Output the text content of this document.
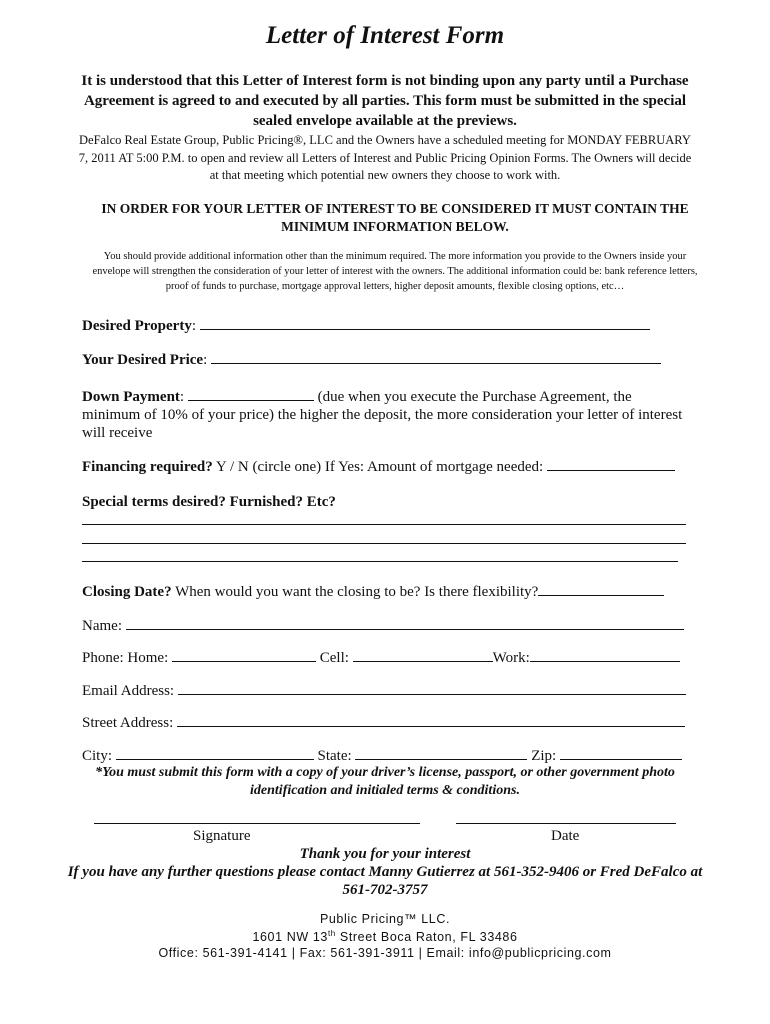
Letter of Interest Form
It is understood that this Letter of Interest form is not binding upon any party until a Purchase Agreement is agreed to and executed by all parties. This form must be submitted in the special sealed envelope available at the previews.
DeFalco Real Estate Group, Public Pricing®, LLC and the Owners have a scheduled meeting for MONDAY FEBRUARY 7, 2011 AT 5:00 P.M. to open and review all Letters of Interest and Public Pricing Opinion Forms. The Owners will decide at that meeting which potential new owners they choose to work with.
IN ORDER FOR YOUR LETTER OF INTEREST TO BE CONSIDERED IT MUST CONTAIN THE MINIMUM INFORMATION BELOW.
You should provide additional information other than the minimum required. The more information you provide to the Owners inside your envelope will strengthen the consideration of your letter of interest with the owners. The additional information could be: bank reference letters, proof of funds to purchase, mortgage approval letters, higher deposit amounts, flexible closing options, etc…
Desired Property:
Your Desired Price:
Down Payment:	(due when you execute the Purchase Agreement, the minimum of 10% of your price) the higher the deposit, the more consideration your letter of interest will receive
Financing required? Y / N (circle one) If Yes: Amount of mortgage needed:
Special terms desired? Furnished? Etc?
Closing Date? When would you want the closing to be? Is there flexibility?
Name:
Phone: Home:	Cell:	Work:
Email Address:
Street Address:
City:	State:	Zip:
*You must submit this form with a copy of your driver’s license, passport, or other government photo identification and initialed terms & conditions.
Signature	Date
Thank you for your interest
If you have any further questions please contact Manny Gutierrez at 561-352-9406 or Fred DeFalco at 561-702-3757
Public Pricing™ LLC.
1601 NW 13th Street Boca Raton, FL 33486
Office: 561-391-4141 | Fax: 561-391-3911 | Email: info@publicpricing.com
